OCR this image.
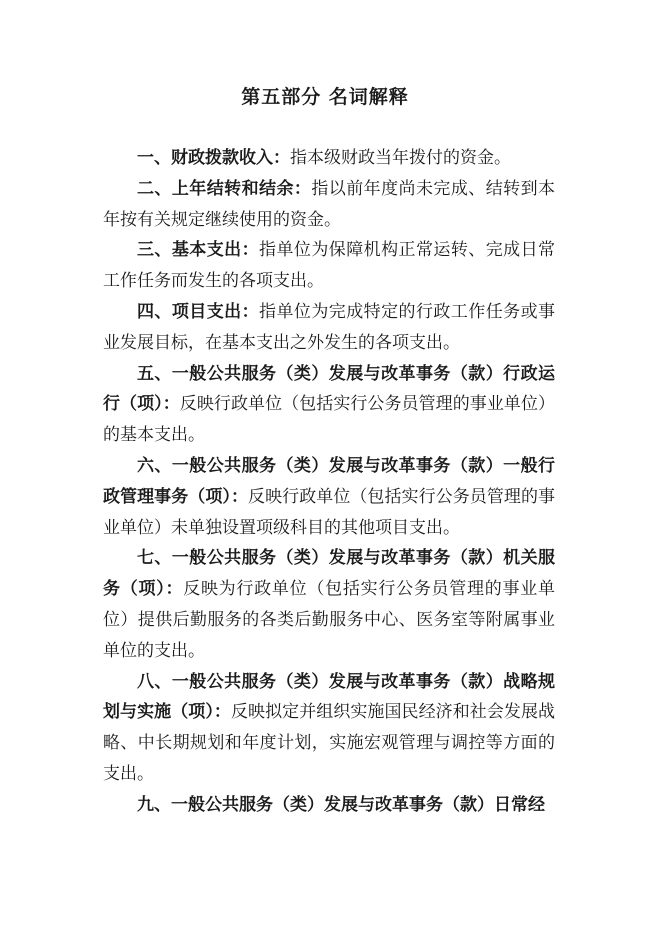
第五部分 名词解释

一、财政拨款收入：指本级财政当年拨付的资金。

二、上年结转和结余：指以前年度尚未完成、结转到本年按有关规定继续使用的资金。

三、基本支出：指单位为保障机构正常运转、完成日常工作任务而发生的各项支出。

四、项目支出：指单位为完成特定的行政工作任务或事业发展目标，在基本支出之外发生的各项支出。

五、一般公共服务（类）发展与改革事务（款）行政运行（项）：反映行政单位（包括实行公务员管理的事业单位）的基本支出。

六、一般公共服务（类）发展与改革事务（款）一般行政管理事务（项）：反映行政单位（包括实行公务员管理的事业单位）未单独设置项级科目的其他项目支出。

七、一般公共服务（类）发展与改革事务（款）机关服务（项）：反映为行政单位（包括实行公务员管理的事业单位）提供后勤服务的各类后勤服务中心、医务室等附属事业单位的支出。

八、一般公共服务（类）发展与改革事务（款）战略规划与实施（项）：反映拟定并组织实施国民经济和社会发展战略、中长期规划和年度计划，实施宏观管理与调控等方面的支出。

九、一般公共服务（类）发展与改革事务（款）日常经
